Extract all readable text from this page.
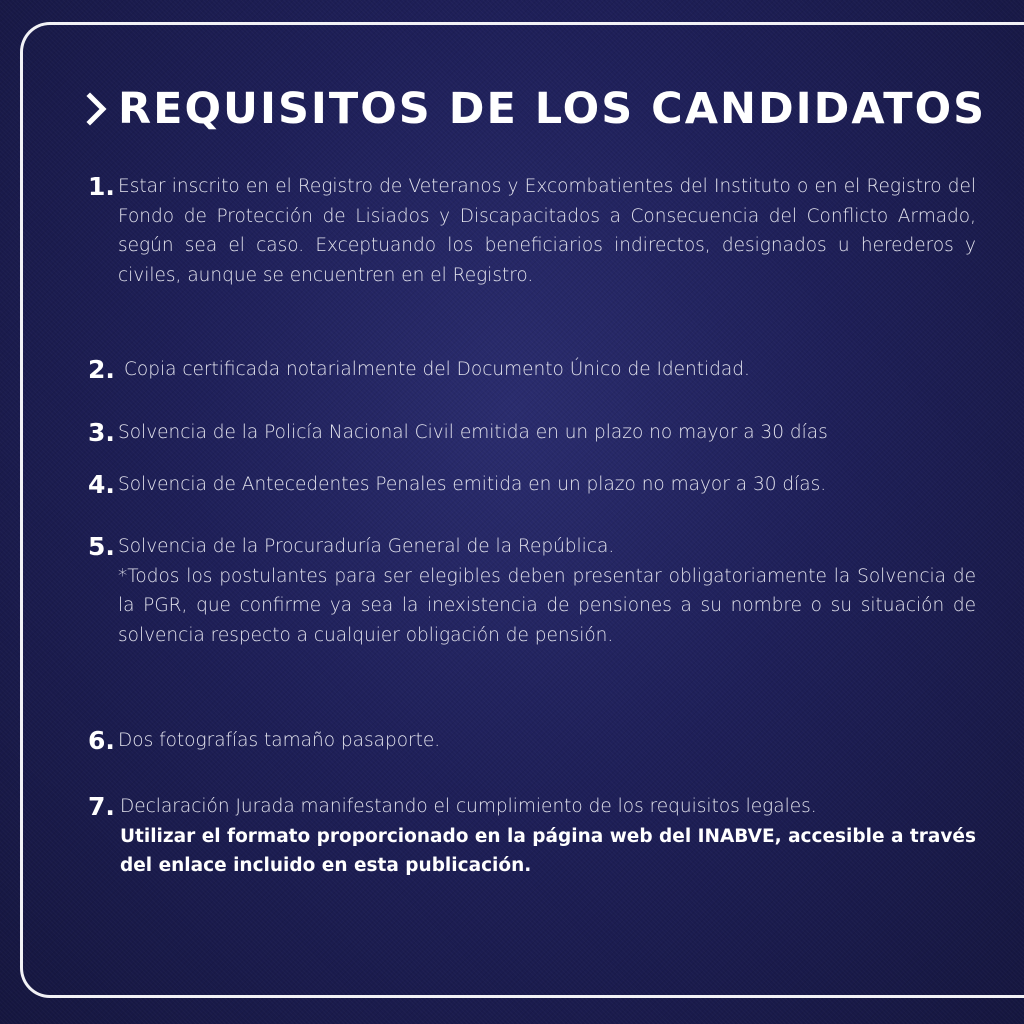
REQUISITOS DE LOS CANDIDATOS
1. Estar inscrito en el Registro de Veteranos y Excombatientes del Instituto o en el Registro del Fondo de Protección de Lisiados y Discapacitados a Consecuencia del Conflicto Armado, según sea el caso. Exceptuando los beneficiarios indirectos, designados u herederos y civiles, aunque se encuentren en el Registro.

2. Copia certificada notarialmente del Documento Único de Identidad.

3. Solvencia de la Policía Nacional Civil emitida en un plazo no mayor a 30 días

4. Solvencia de Antecedentes Penales emitida en un plazo no mayor a 30 días.

5. Solvencia de la Procuraduría General de la República.

*Todos los postulantes para ser elegibles deben presentar obligatoriamente la Solvencia de la PGR, que confirme ya sea la inexistencia de pensiones a su nombre o su situación de solvencia respecto a cualquier obligación de pensión.

6. Dos fotografías tamaño pasaporte.

7. Declaración Jurada manifestando el cumplimiento de los requisitos legales.

Utilizar el formato proporcionado en la página web del INABVE, accesible a través del enlace incluido en esta publicación.
